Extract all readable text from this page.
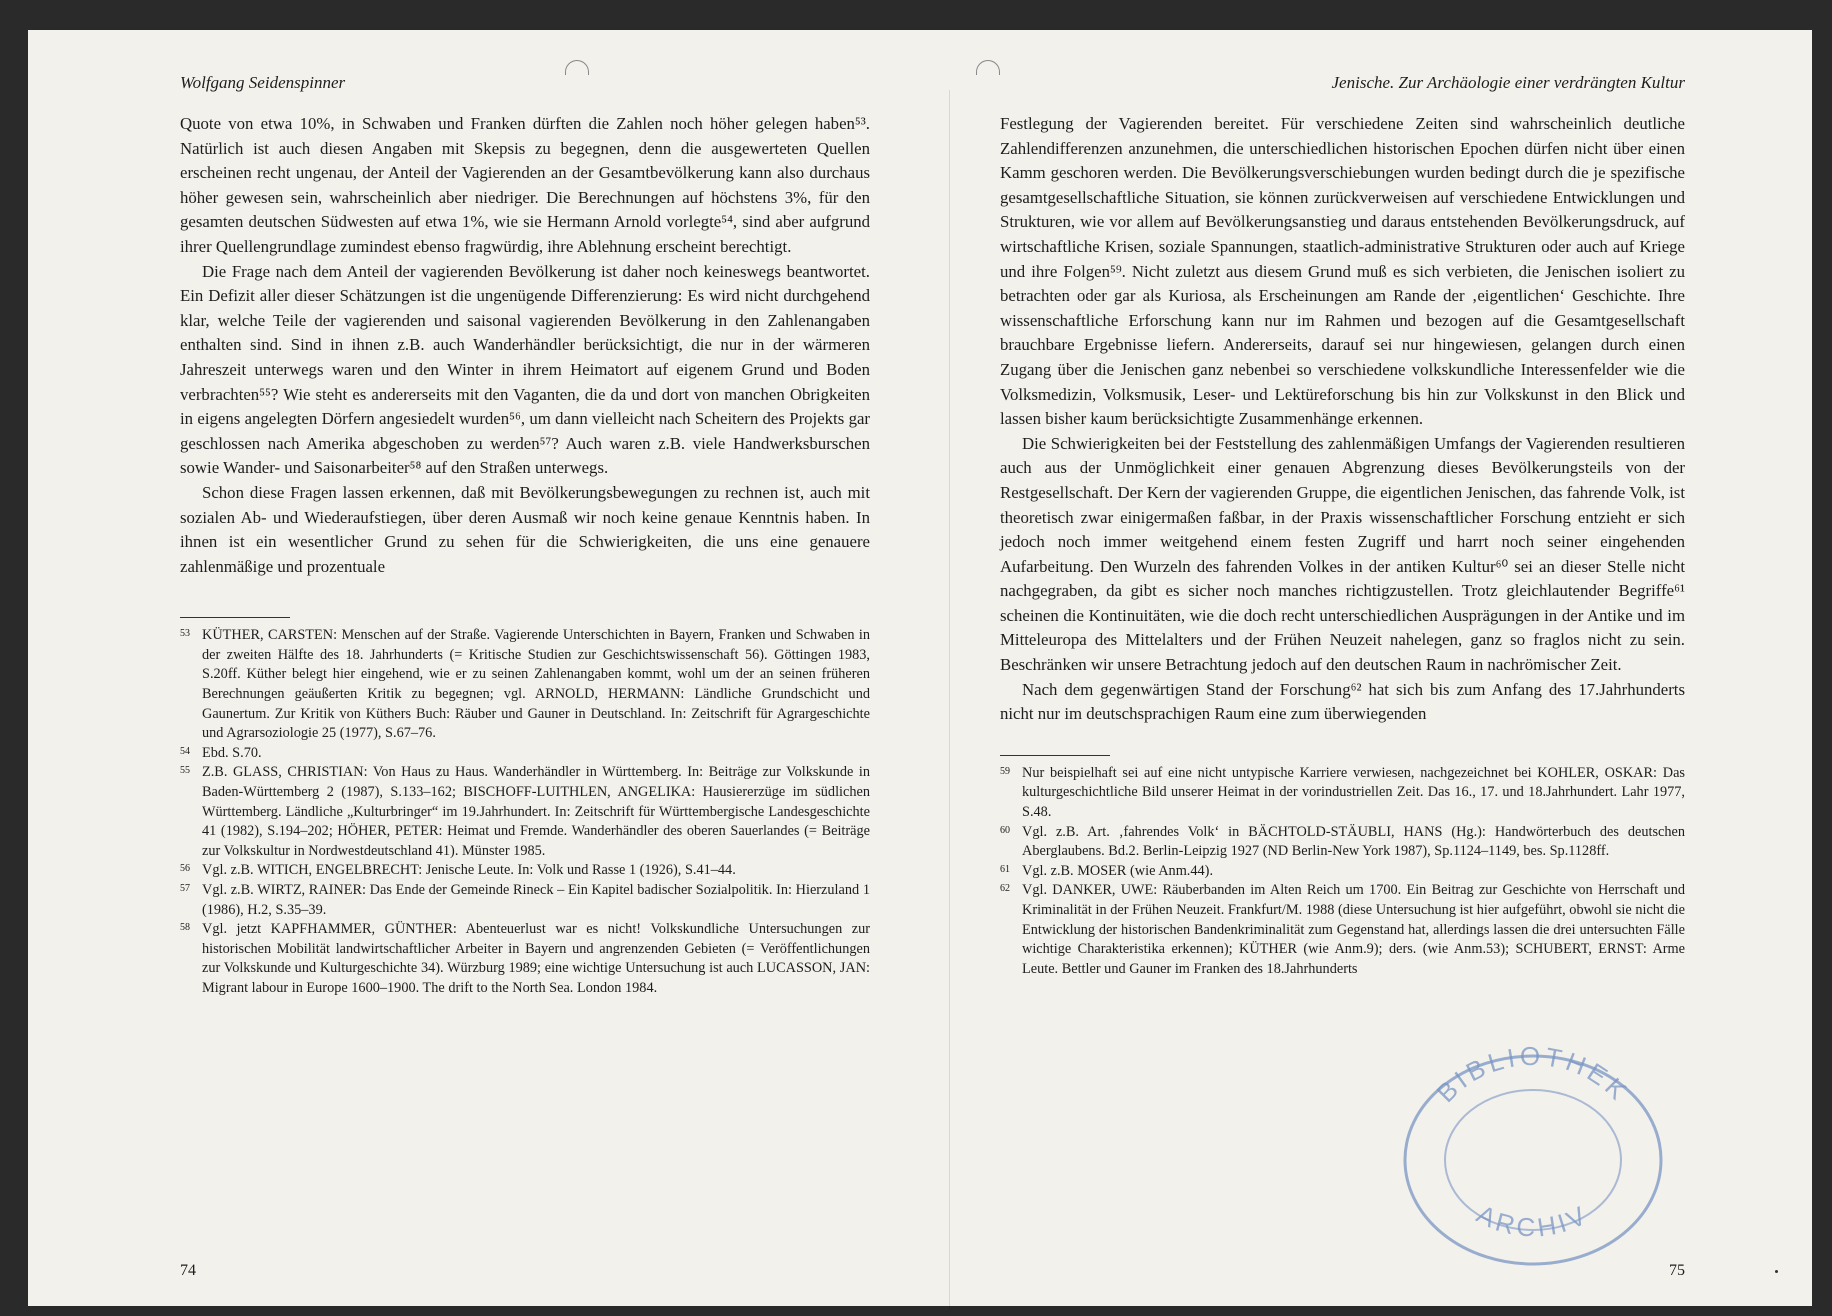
Wolfgang Seidenspinner

Quote von etwa 10%, in Schwaben und Franken dürften die Zahlen noch höher gelegen haben⁵³. Natürlich ist auch diesen Angaben mit Skepsis zu begegnen, denn die ausgewerteten Quellen erscheinen recht ungenau, der Anteil der Vagierenden an der Gesamtbevölkerung kann also durchaus höher gewesen sein, wahrscheinlich aber niedriger. Die Berechnungen auf höchstens 3%, für den gesamten deutschen Südwesten auf etwa 1%, wie sie Hermann Arnold vorlegte⁵⁴, sind aber aufgrund ihrer Quellengrundlage zumindest ebenso fragwürdig, ihre Ablehnung erscheint berechtigt.

Die Frage nach dem Anteil der vagierenden Bevölkerung ist daher noch keineswegs beantwortet. Ein Defizit aller dieser Schätzungen ist die ungenügende Differenzierung: Es wird nicht durchgehend klar, welche Teile der vagierenden und saisonal vagierenden Bevölkerung in den Zahlenangaben enthalten sind. Sind in ihnen z.B. auch Wanderhändler berücksichtigt, die nur in der wärmeren Jahreszeit unterwegs waren und den Winter in ihrem Heimatort auf eigenem Grund und Boden verbrachten⁵⁵? Wie steht es andererseits mit den Vaganten, die da und dort von manchen Obrigkeiten in eigens angelegten Dörfern angesiedelt wurden⁵⁶, um dann vielleicht nach Scheitern des Projekts gar geschlossen nach Amerika abgeschoben zu werden⁵⁷? Auch waren z.B. viele Handwerksburschen sowie Wander- und Saisonarbeiter⁵⁸ auf den Straßen unterwegs.

Schon diese Fragen lassen erkennen, daß mit Bevölkerungsbewegungen zu rechnen ist, auch mit sozialen Ab- und Wiederaufstiegen, über deren Ausmaß wir noch keine genaue Kenntnis haben. In ihnen ist ein wesentlicher Grund zu sehen für die Schwierigkeiten, die uns eine genauere zahlenmäßige und prozentuale

53 KÜTHER, CARSTEN: Menschen auf der Straße. Vagierende Unterschichten in Bayern, Franken und Schwaben in der zweiten Hälfte des 18. Jahrhunderts (= Kritische Studien zur Geschichtswissenschaft 56). Göttingen 1983, S.20ff. Küther belegt hier eingehend, wie er zu seinen Zahlenangaben kommt, wohl um der an seinen früheren Berechnungen geäußerten Kritik zu begegnen; vgl. ARNOLD, HERMANN: Ländliche Grundschicht und Gaunertum. Zur Kritik von Küthers Buch: Räuber und Gauner in Deutschland. In: Zeitschrift für Agrargeschichte und Agrarsoziologie 25 (1977), S.67–76.
54 Ebd. S.70.
55 Z.B. GLASS, CHRISTIAN: Von Haus zu Haus. Wanderhändler in Württemberg. In: Beiträge zur Volkskunde in Baden-Württemberg 2 (1987), S.133–162; BISCHOFF-LUITHLEN, ANGELIKA: Hausiererzüge im südlichen Württemberg. Ländliche „Kulturbringer“ im 19.Jahrhundert. In: Zeitschrift für Württembergische Landesgeschichte 41 (1982), S.194–202; HÖHER, PETER: Heimat und Fremde. Wanderhändler des oberen Sauerlandes (= Beiträge zur Volkskultur in Nordwestdeutschland 41). Münster 1985.
56 Vgl. z.B. WITICH, ENGELBRECHT: Jenische Leute. In: Volk und Rasse 1 (1926), S.41–44.
57 Vgl. z.B. WIRTZ, RAINER: Das Ende der Gemeinde Rineck – Ein Kapitel badischer Sozialpolitik. In: Hierzuland 1 (1986), H.2, S.35–39.
58 Vgl. jetzt KAPFHAMMER, GÜNTHER: Abenteuerlust war es nicht! Volkskundliche Untersuchungen zur historischen Mobilität landwirtschaftlicher Arbeiter in Bayern und angrenzenden Gebieten (= Veröffentlichungen zur Volkskunde und Kulturgeschichte 34). Würzburg 1989; eine wichtige Untersuchung ist auch LUCASSON, JAN: Migrant labour in Europe 1600–1900. The drift to the North Sea. London 1984.
74
Jenische. Zur Archäologie einer verdrängten Kultur

Festlegung der Vagierenden bereitet. Für verschiedene Zeiten sind wahrscheinlich deutliche Zahlendifferenzen anzunehmen, die unterschiedlichen historischen Epochen dürfen nicht über einen Kamm geschoren werden. Die Bevölkerungsverschiebungen wurden bedingt durch die je spezifische gesamtgesellschaftliche Situation, sie können zurückverweisen auf verschiedene Entwicklungen und Strukturen, wie vor allem auf Bevölkerungsanstieg und daraus entstehenden Bevölkerungsdruck, auf wirtschaftliche Krisen, soziale Spannungen, staatlich-administrative Strukturen oder auch auf Kriege und ihre Folgen⁵⁹. Nicht zuletzt aus diesem Grund muß es sich verbieten, die Jenischen isoliert zu betrachten oder gar als Kuriosa, als Erscheinungen am Rande der ‚eigentlichen‘ Geschichte. Ihre wissenschaftliche Erforschung kann nur im Rahmen und bezogen auf die Gesamtgesellschaft brauchbare Ergebnisse liefern. Andererseits, darauf sei nur hingewiesen, gelangen durch einen Zugang über die Jenischen ganz nebenbei so verschiedene volkskundliche Interessenfelder wie die Volksmedizin, Volksmusik, Leser- und Lektüreforschung bis hin zur Volkskunst in den Blick und lassen bisher kaum berücksichtigte Zusammenhänge erkennen.

Die Schwierigkeiten bei der Feststellung des zahlenmäßigen Umfangs der Vagierenden resultieren auch aus der Unmöglichkeit einer genauen Abgrenzung dieses Bevölkerungsteils von der Restgesellschaft. Der Kern der vagierenden Gruppe, die eigentlichen Jenischen, das fahrende Volk, ist theoretisch zwar einigermaßen faßbar, in der Praxis wissenschaftlicher Forschung entzieht er sich jedoch noch immer weitgehend einem festen Zugriff und harrt noch seiner eingehenden Aufarbeitung. Den Wurzeln des fahrenden Volkes in der antiken Kultur⁶⁰ sei an dieser Stelle nicht nachgegraben, da gibt es sicher noch manches richtigzustellen. Trotz gleichlautender Begriffe⁶¹ scheinen die Kontinuitäten, wie die doch recht unterschiedlichen Ausprägungen in der Antike und im Mitteleuropa des Mittelalters und der Frühen Neuzeit nahelegen, ganz so fraglos nicht zu sein. Beschränken wir unsere Betrachtung jedoch auf den deutschen Raum in nachrömischer Zeit.

Nach dem gegenwärtigen Stand der Forschung⁶² hat sich bis zum Anfang des 17.Jahrhunderts nicht nur im deutschsprachigen Raum eine zum überwiegenden

59 Nur beispielhaft sei auf eine nicht untypische Karriere verwiesen, nachgezeichnet bei KOHLER, OSKAR: Das kulturgeschichtliche Bild unserer Heimat in der vorindustriellen Zeit. Das 16., 17. und 18.Jahrhundert. Lahr 1977, S.48.
60 Vgl. z.B. Art. ‚fahrendes Volk‘ in BÄCHTOLD-STÄUBLI, HANS (Hg.): Handwörterbuch des deutschen Aberglaubens. Bd.2. Berlin-Leipzig 1927 (ND Berlin-New York 1987), Sp.1124–1149, bes. Sp.1128ff.
61 Vgl. z.B. MOSER (wie Anm.44).
62 Vgl. DANKER, UWE: Räuberbanden im Alten Reich um 1700. Ein Beitrag zur Geschichte von Herrschaft und Kriminalität in der Frühen Neuzeit. Frankfurt/M. 1988 (diese Untersuchung ist hier aufgeführt, obwohl sie nicht die Entwicklung der historischen Bandenkriminalität zum Gegenstand hat, allerdings lassen die drei untersuchten Fälle wichtige Charakteristika erkennen); KÜTHER (wie Anm.9); ders. (wie Anm.53); SCHUBERT, ERNST: Arme Leute. Bettler und Gauner im Franken des 18.Jahrhunderts
75
BIBLIOTHEK
ARCHIV
